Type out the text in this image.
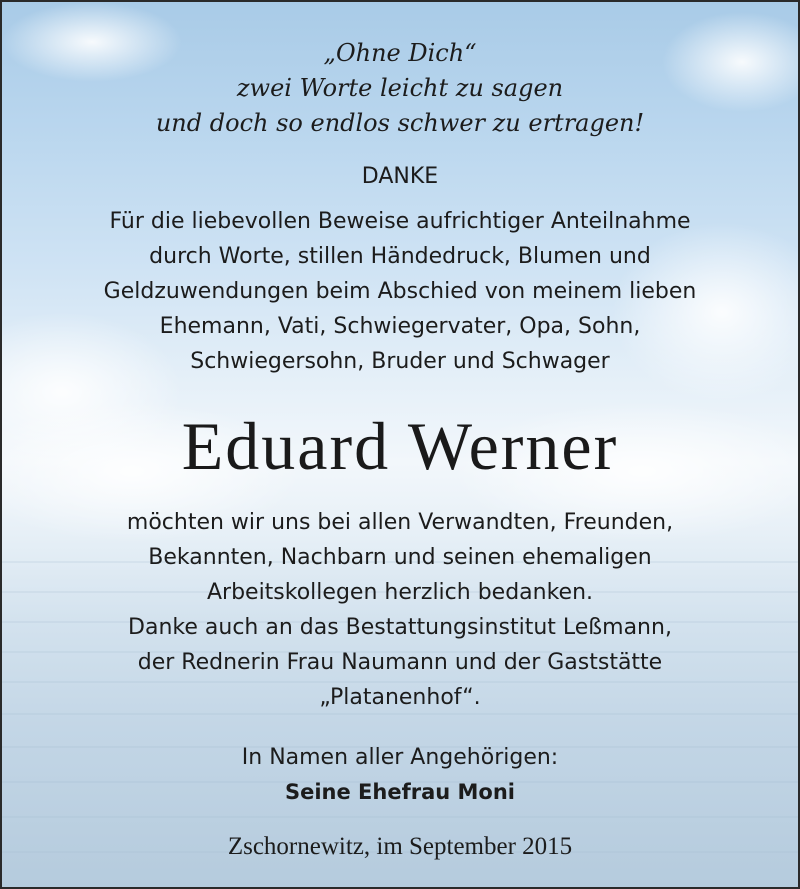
„Ohne Dich“
zwei Worte leicht zu sagen
und doch so endlos schwer zu ertragen!
DANKE
Für die liebevollen Beweise aufrichtiger Anteilnahme
durch Worte, stillen Händedruck, Blumen und
Geldzuwendungen beim Abschied von meinem lieben
Ehemann, Vati, Schwiegervater, Opa, Sohn,
Schwiegersohn, Bruder und Schwager
Eduard Werner
möchten wir uns bei allen Verwandten, Freunden,
Bekannten, Nachbarn und seinen ehemaligen
Arbeitskollegen herzlich bedanken.
Danke auch an das Bestattungsinstitut Leßmann,
der Rednerin Frau Naumann und der Gaststätte
„Platanenhof“.
In Namen aller Angehörigen:
Seine Ehefrau Moni
Zschornewitz, im September 2015
